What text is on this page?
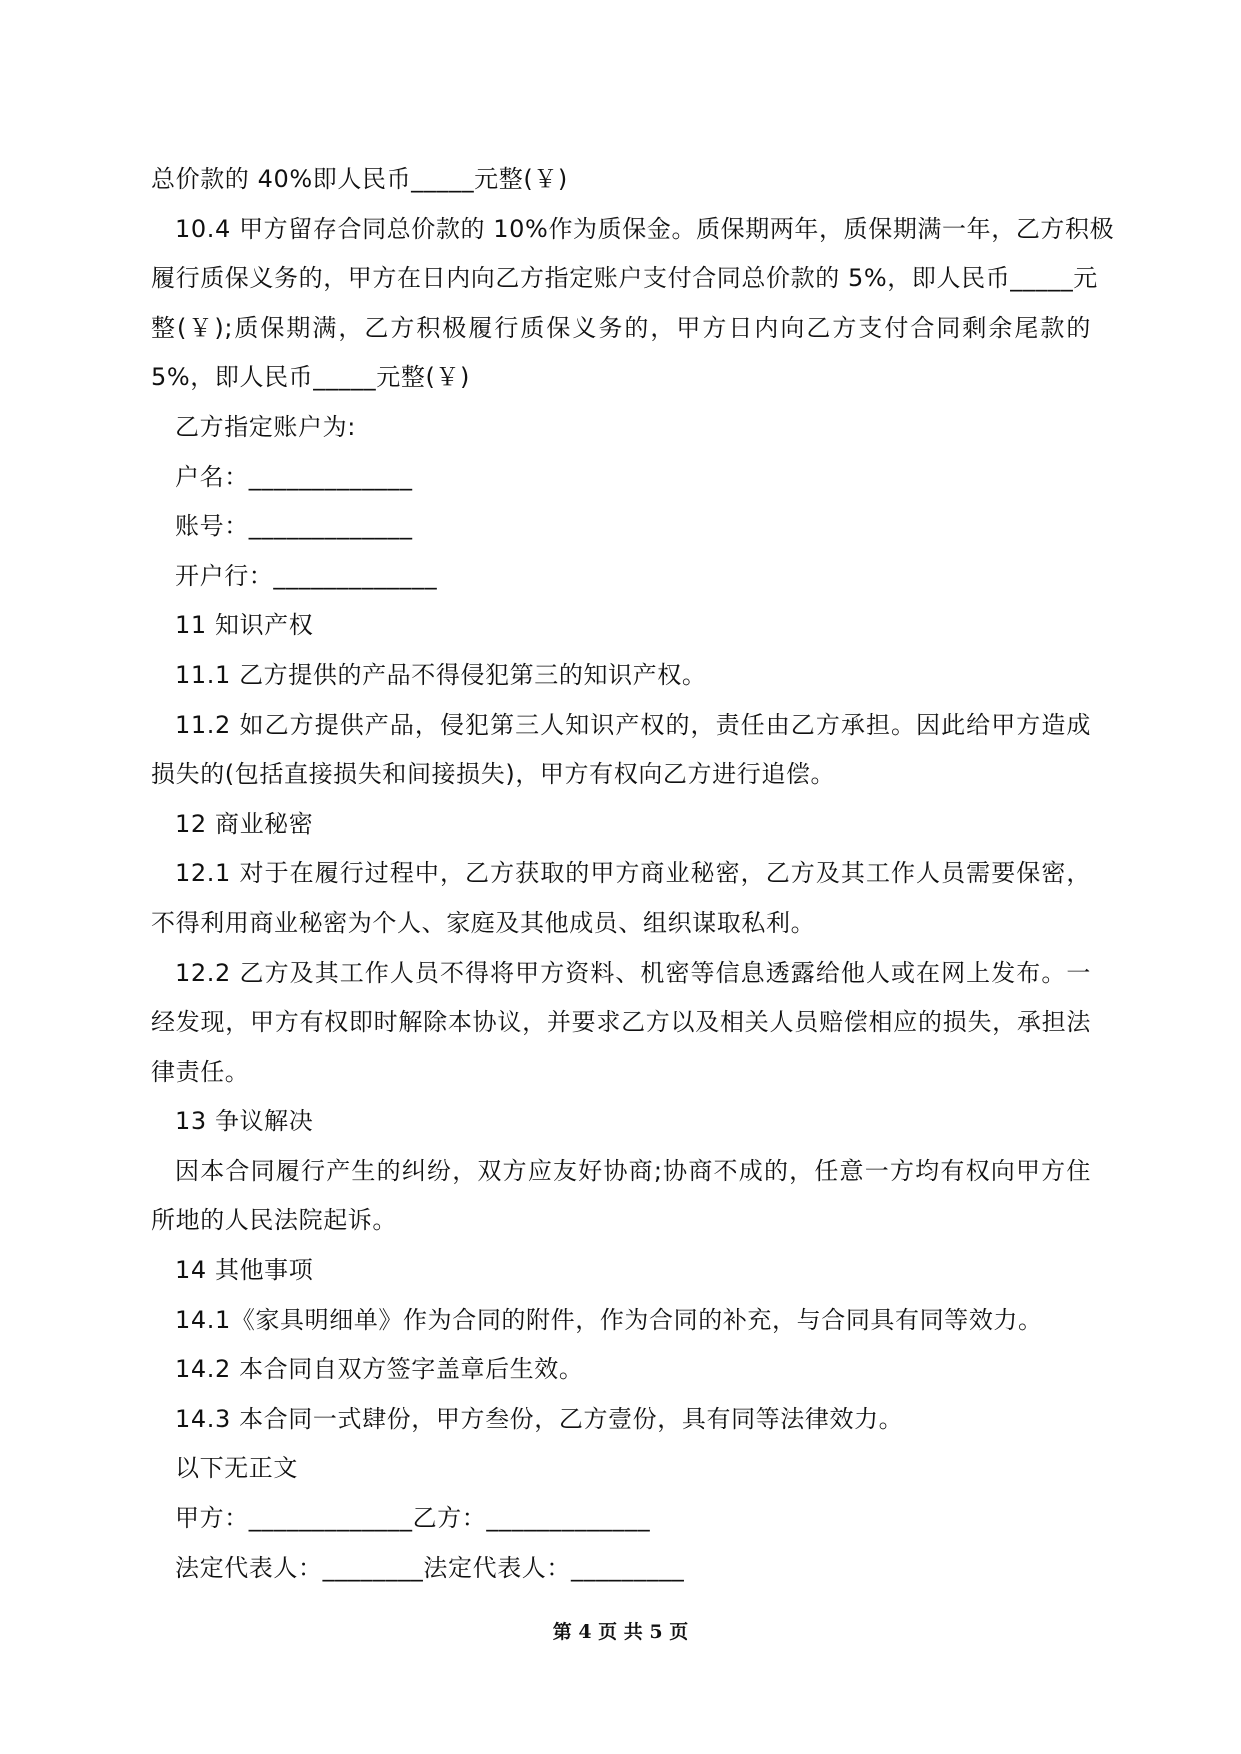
总价款的 40%即人民币_____元整(￥)
10.4 甲方留存合同总价款的 10%作为质保金。质保期两年，质保期满一年，乙方积极
履行质保义务的，甲方在日内向乙方指定账户支付合同总价款的 5%，即人民币_____元
整(￥);质保期满，乙方积极履行质保义务的，甲方日内向乙方支付合同剩余尾款的
5%，即人民币_____元整(￥)
乙方指定账户为:
户名：_____________
账号：_____________
开户行：_____________
11 知识产权
11.1 乙方提供的产品不得侵犯第三的知识产权。
11.2 如乙方提供产品，侵犯第三人知识产权的，责任由乙方承担。因此给甲方造成
损失的(包括直接损失和间接损失)，甲方有权向乙方进行追偿。
12 商业秘密
12.1 对于在履行过程中，乙方获取的甲方商业秘密，乙方及其工作人员需要保密，
不得利用商业秘密为个人、家庭及其他成员、组织谋取私利。
12.2 乙方及其工作人员不得将甲方资料、机密等信息透露给他人或在网上发布。一
经发现，甲方有权即时解除本协议，并要求乙方以及相关人员赔偿相应的损失，承担法
律责任。
13 争议解决
因本合同履行产生的纠纷，双方应友好协商;协商不成的，任意一方均有权向甲方住
所地的人民法院起诉。
14 其他事项
14.1《家具明细单》作为合同的附件，作为合同的补充，与合同具有同等效力。
14.2 本合同自双方签字盖章后生效。
14.3 本合同一式肆份，甲方叁份，乙方壹份，具有同等法律效力。
以下无正文
甲方：_____________乙方：_____________
法定代表人：________法定代表人：_________
第 4 页 共 5 页
